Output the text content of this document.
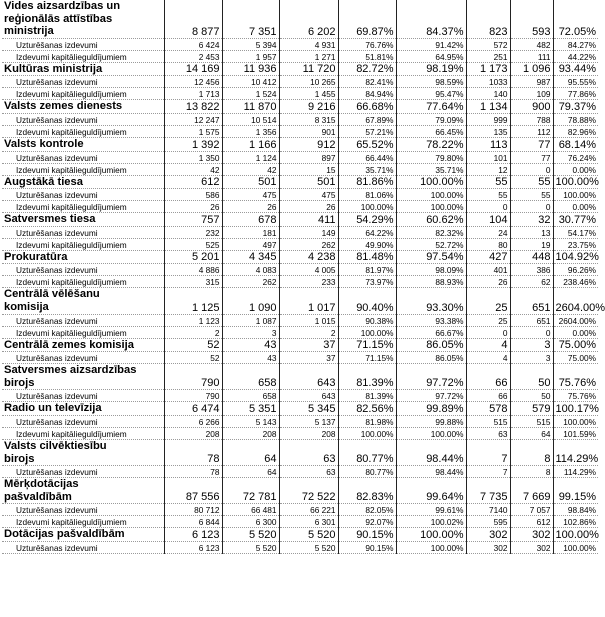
Vides aizsardzības un
reģionālās attīstības
ministrija	8 877	7 351	6 202	69.87%	84.37%	823	593	72.05%
Uzturēšanas izdevumi	6 424	5 394	4 931	76.76%	91.42%	572	482	84.27%
Izdevumi kapitālieguldījumiem	2 453	1 957	1 271	51.81%	64.95%	251	111	44.22%
Kultūras ministrija	14 169	11 936	11 720	82.72%	98.19%	1 173	1 096	93.44%
Uzturēšanas izdevumi	12 456	10 412	10 265	82.41%	98.59%	1033	987	95.55%
Izdevumi kapitālieguldījumiem	1 713	1 524	1 455	84.94%	95.47%	140	109	77.86%
Valsts zemes dienests	13 822	11 870	9 216	66.68%	77.64%	1 134	900	79.37%
Uzturēšanas izdevumi	12 247	10 514	8 315	67.89%	79.09%	999	788	78.88%
Izdevumi kapitālieguldījumiem	1 575	1 356	901	57.21%	66.45%	135	112	82.96%
Valsts kontrole	1 392	1 166	912	65.52%	78.22%	113	77	68.14%
Uzturēšanas izdevumi	1 350	1 124	897	66.44%	79.80%	101	77	76.24%
Izdevumi kapitālieguldījumiem	42	42	15	35.71%	35.71%	12	0	0.00%
Augstākā tiesa	612	501	501	81.86%	100.00%	55	55	100.00%
Uzturēšanas izdevumi	586	475	475	81.06%	100.00%	55	55	100.00%
Izdevumi kapitālieguldījumiem	26	26	26	100.00%	100.00%	0	0	0.00%
Satversmes tiesa	757	678	411	54.29%	60.62%	104	32	30.77%
Uzturēšanas izdevumi	232	181	149	64.22%	82.32%	24	13	54.17%
Izdevumi kapitālieguldījumiem	525	497	262	49.90%	52.72%	80	19	23.75%
Prokuratūra	5 201	4 345	4 238	81.48%	97.54%	427	448	104.92%
Uzturēšanas izdevumi	4 886	4 083	4 005	81.97%	98.09%	401	386	96.26%
Izdevumi kapitālieguldījumiem	315	262	233	73.97%	88.93%	26	62	238.46%
Centrālā vēlēšanu
komisija	1 125	1 090	1 017	90.40%	93.30%	25	651	2604.00%
Uzturēšanas izdevumi	1 123	1 087	1 015	90.38%	93.38%	25	651	2604.00%
Izdevumi kapitālieguldījumiem	2	3	2	100.00%	66.67%	0	0	0.00%
Centrālā zemes komisija	52	43	37	71.15%	86.05%	4	3	75.00%
Uzturēšanas izdevumi	52	43	37	71.15%	86.05%	4	3	75.00%
Satversmes aizsardzības
birojs	790	658	643	81.39%	97.72%	66	50	75.76%
Uzturēšanas izdevumi	790	658	643	81.39%	97.72%	66	50	75.76%
Radio un televīzija	6 474	5 351	5 345	82.56%	99.89%	578	579	100.17%
Uzturēšanas izdevumi	6 266	5 143	5 137	81.98%	99.88%	515	515	100.00%
Izdevumi kapitālieguldījumiem	208	208	208	100.00%	100.00%	63	64	101.59%
Valsts cilvēktiesību
birojs	78	64	63	80.77%	98.44%	7	8	114.29%
Uzturēšanas izdevumi	78	64	63	80.77%	98.44%	7	8	114.29%
Mērķdotācijas
pašvaldībām	87 556	72 781	72 522	82.83%	99.64%	7 735	7 669	99.15%
Uzturēšanas izdevumi	80 712	66 481	66 221	82.05%	99.61%	7140	7 057	98.84%
Izdevumi kapitālieguldījumiem	6 844	6 300	6 301	92.07%	100.02%	595	612	102.86%
Dotācijas pašvaldībām	6 123	5 520	5 520	90.15%	100.00%	302	302	100.00%
Uzturēšanas izdevumi	6 123	5 520	5 520	90.15%	100.00%	302	302	100.00%
